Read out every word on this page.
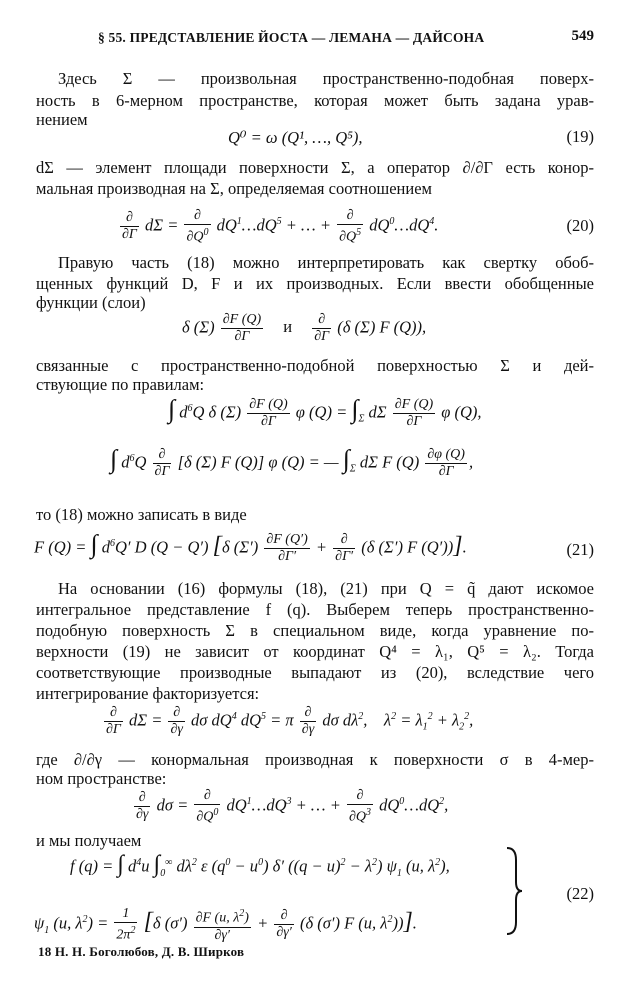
§ 55. ПРЕДСТАВЛЕНИЕ ЙОСТА — ЛЕМАНА — ДАЙСОНА	549
Здесь Σ — произвольная пространственно-подобная поверх-
ность в 6-мерном пространстве, которая может быть задана урав-
нением
Q⁰ = ω (Q¹, …, Q⁵),	(19)
dΣ — элемент площади поверхности Σ, а оператор ∂/∂Γ есть конор-
мальная производная на Σ, определяемая соотношением
$\frac{\partial}{\partial\Gamma}$ $d\Sigma = \frac{\partial}{\partial Q^0}$ $dQ^1\dots dQ^5$ + … + $\frac{\partial}{\partial Q^5}$ $dQ^0\dots dQ^4$.	(20)
Правую часть (18) можно интерпретировать как свертку обоб-
щенных функций D, F и их производных. Если ввести обобщенные
функции (слои)
δ $(\Sigma) \frac{\partial F (Q)}{\partial\Gamma}$ и $\frac{\partial}{\partial\Gamma} (\delta$ (Σ) F (Q)),
связанные с пространственно-подобной поверхностью Σ и дей-
ствующие по правилам:
∫ $d^6Q$ δ $(\Sigma) \frac{\partial F (Q)}{\partial\Gamma}$ φ $(Q) = \int_\Sigma$ dΣ $\frac{\partial F (Q)}{\partial\Gamma}$ φ (Q),
∫ $d^6Q \frac{\partial}{\partial\Gamma} [\delta$ (Σ) F (Q)] φ (Q) = — $\int_\Sigma$ dΣ F $(Q) \frac{\partial\varphi (Q)}{\partial\Gamma}$ ,
то (18) можно записать в виде
F (Q) = ∫ $d^6Q'$ D (Q − Q′) [δ $(\Sigma') \frac{\partial F (Q')}{\partial\Gamma'} + \frac{\partial}{\partial\Gamma'} (\delta$ (Σ′) F (Q′))].	(21)
На основании (16) формулы (18), (21) при Q = q̃ дают искомое
интегральное представление f (q). Выберем теперь пространственно-
подобную поверхность Σ в специальном виде, когда уравнение по-
верхности (19) не зависит от координат Q⁴ = λ₁, Q⁵ = λ₂. Тогда
соответствующие производные выпадают из (20), вследствие чего
интегрирование факторизуется:
$\frac{\partial}{\partial\Gamma}$ $d\Sigma = \frac{\partial}{\partial\gamma}$ dσ $dQ^4$ $dQ^5 = \pi \frac{\partial}{\partial\gamma}$ dσ $d\lambda^2$,    $\lambda^2 = \lambda_1^2 + \lambda_2^2$,
где ∂/∂γ — конормальная производная к поверхности σ в 4-мер-
ном пространстве:
$\frac{\partial}{\partial\gamma}$ $d\sigma = \frac{\partial}{\partial Q^0}$ $dQ^1\dots dQ^3$ + … + $\frac{\partial}{\partial Q^3}$ $dQ^0\dots dQ^2$,
и мы получаем
f (q) = ∫ $d^4u$ $\int_0^\infty$ $d\lambda^2$ ε $(q^0 - u^0)$ δ′ $((q - u)^2 - \lambda^2)$ $\psi_1$ (u, $\lambda^2$),
$\psi_1$ (u, $\lambda^2) = \frac{1}{2\pi^2} [\delta$ $(\sigma') \frac{\partial F (u, \lambda^2)}{\partial\gamma'} + \frac{\partial}{\partial\gamma'} (\delta$ (σ′) F (u, $\lambda^2$))].
(22)
18 Н. Н. Боголюбов, Д. В. Ширков
